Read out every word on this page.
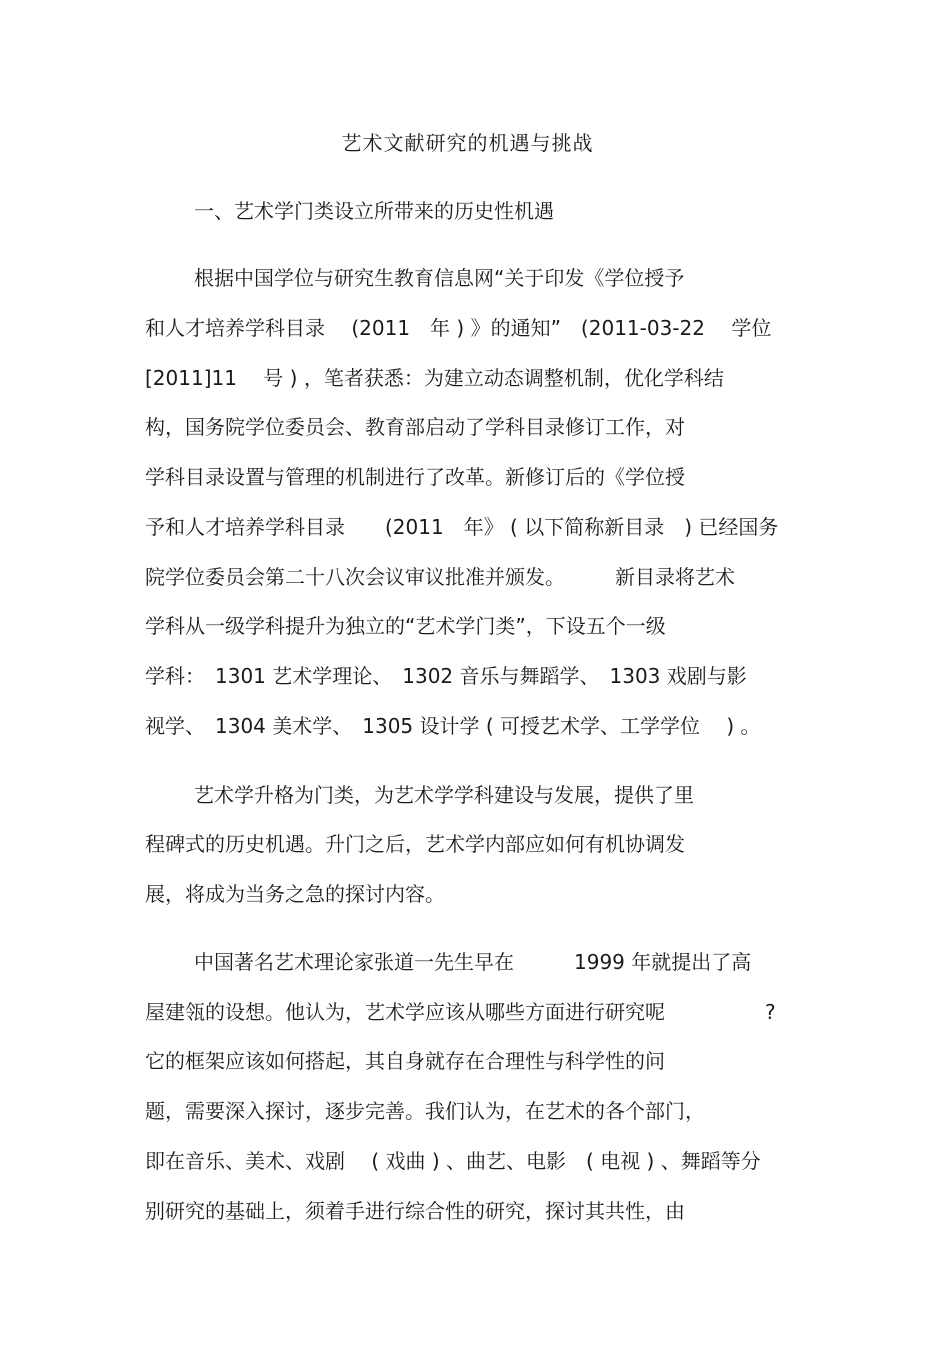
艺术文献研究的机遇与挑战
一、艺术学门类设立所带来的历史性机遇
根据中国学位与研究生教育信息网“关于印发《学位授予
和人才培养学科目录　 (2011　年 ) 》的通知”　(2011-03-22　 学位
[2011]11　 号 ) ，笔者获悉：为建立动态调整机制，优化学科结
构，国务院学位委员会、教育部启动了学科目录修订工作，对
学科目录设置与管理的机制进行了改革。新修订后的《学位授
予和人才培养学科目录　　(2011　年》 ( 以下简称新目录　) 已经国务
院学位委员会第二十八次会议审议批准并颁发。　　　新目录将艺术
学科从一级学科提升为独立的“艺术学门类”，下设五个一级
学科：　1301 艺术学理论、　1302 音乐与舞蹈学、　1303 戏剧与影
视学、　1304 美术学、　1305 设计学 ( 可授艺术学、工学学位　 ) 。
艺术学升格为门类，为艺术学学科建设与发展，提供了里
程碑式的历史机遇。升门之后，艺术学内部应如何有机协调发
展，将成为当务之急的探讨内容。
中国著名艺术理论家张道一先生早在　　　1999 年就提出了高
屋建瓴的设想。他认为，艺术学应该从哪些方面进行研究呢　　　　　?
它的框架应该如何搭起，其自身就存在合理性与科学性的问
题，需要深入探讨，逐步完善。我们认为，在艺术的各个部门，
即在音乐、美术、戏剧　 ( 戏曲 ) 、曲艺、电影　( 电视 ) 、舞蹈等分
别研究的基础上，须着手进行综合性的研究，探讨其共性，由
